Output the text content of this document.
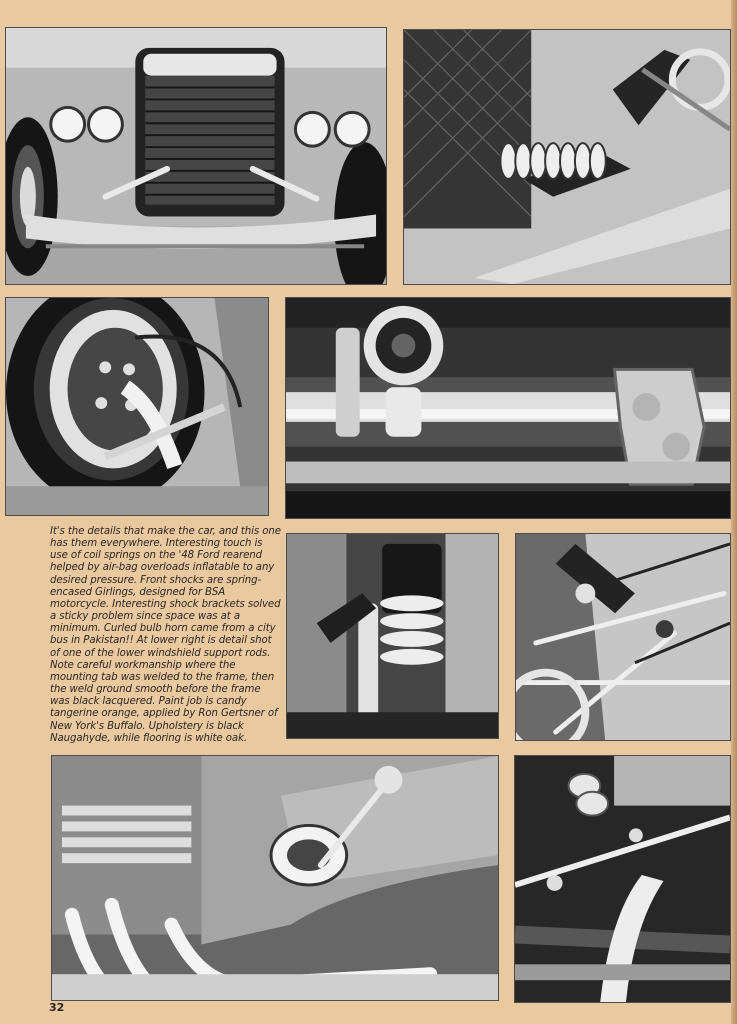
It's the details that make the car, and this one has them everywhere. Interesting touch is use of coil springs on the '48 Ford rearend helped by air-bag overloads inflatable to any desired pressure. Front shocks are spring-encased Girlings, designed for BSA motorcycle. Interesting shock brackets solved a sticky problem since space was at a minimum. Curled bulb horn came from a city bus in Pakistan!! At lower right is detail shot of one of the lower windshield support rods. Note careful workmanship where the mounting tab was welded to the frame, then the weld ground smooth before the frame was black lacquered. Paint job is candy tangerine orange, applied by Ron Gertsner of New York's Buffalo. Upholstery is black Naugahyde, while flooring is white oak.

32
